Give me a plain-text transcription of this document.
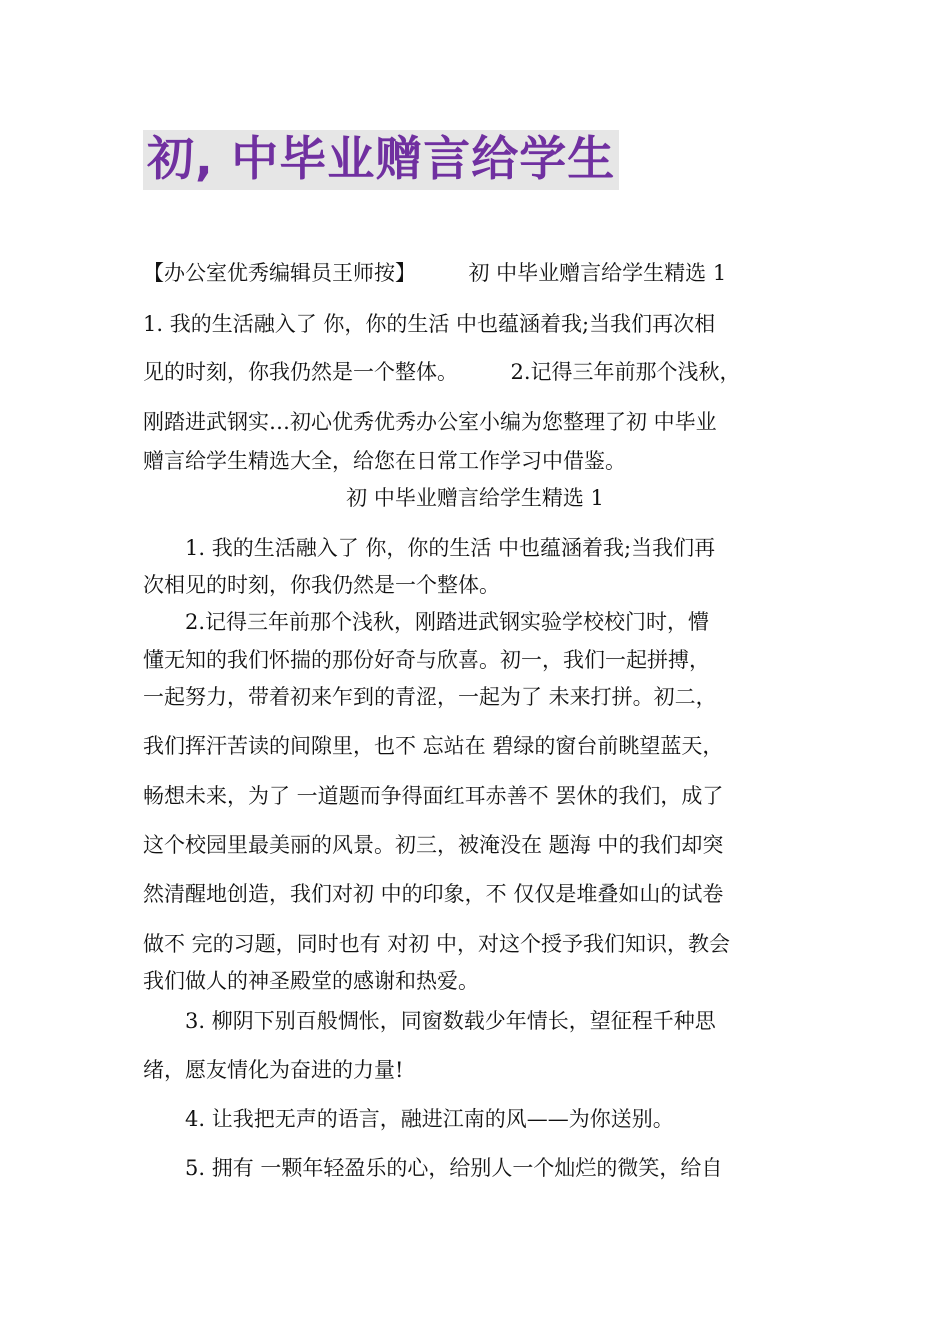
初, 中毕业赠言给学生
【办公室优秀编辑员王师按】　　　初 中毕业赠言给学生精选 1
1. 我的生活融入了 你，你的生活 中也蕴涵着我;当我们再次相
见的时刻，你我仍然是一个整体。　　　2.记得三年前那个浅秋，
刚踏进武钢实…初心优秀优秀办公室小编为您整理了初 中毕业
赠言给学生精选大全，给您在日常工作学习中借鉴。
初 中毕业赠言给学生精选 1
　　1. 我的生活融入了 你，你的生活 中也蕴涵着我;当我们再
次相见的时刻，你我仍然是一个整体。
　　2.记得三年前那个浅秋，刚踏进武钢实验学校校门时，懵
懂无知的我们怀揣的那份好奇与欣喜。初一，我们一起拼搏，
一起努力，带着初来乍到的青涩，一起为了 未来打拼。初二，
我们挥汗苦读的间隙里，也不 忘站在 碧绿的窗台前眺望蓝天，
畅想未来，为了 一道题而争得面红耳赤善不 罢休的我们，成了
这个校园里最美丽的风景。初三，被淹没在 题海 中的我们却突
然清醒地创造，我们对初 中的印象，不 仅仅是堆叠如山的试卷
做不 完的习题，同时也有 对初 中，对这个授予我们知识，教会
我们做人的神圣殿堂的感谢和热爱。
　　3. 柳阴下别百般惆怅，同窗数载少年情长，望征程千种思
绪，愿友情化为奋进的力量!
　　4. 让我把无声的语言，融进江南的风——为你送别。
　　5. 拥有 一颗年轻盈乐的心，给别人一个灿烂的微笑，给自
